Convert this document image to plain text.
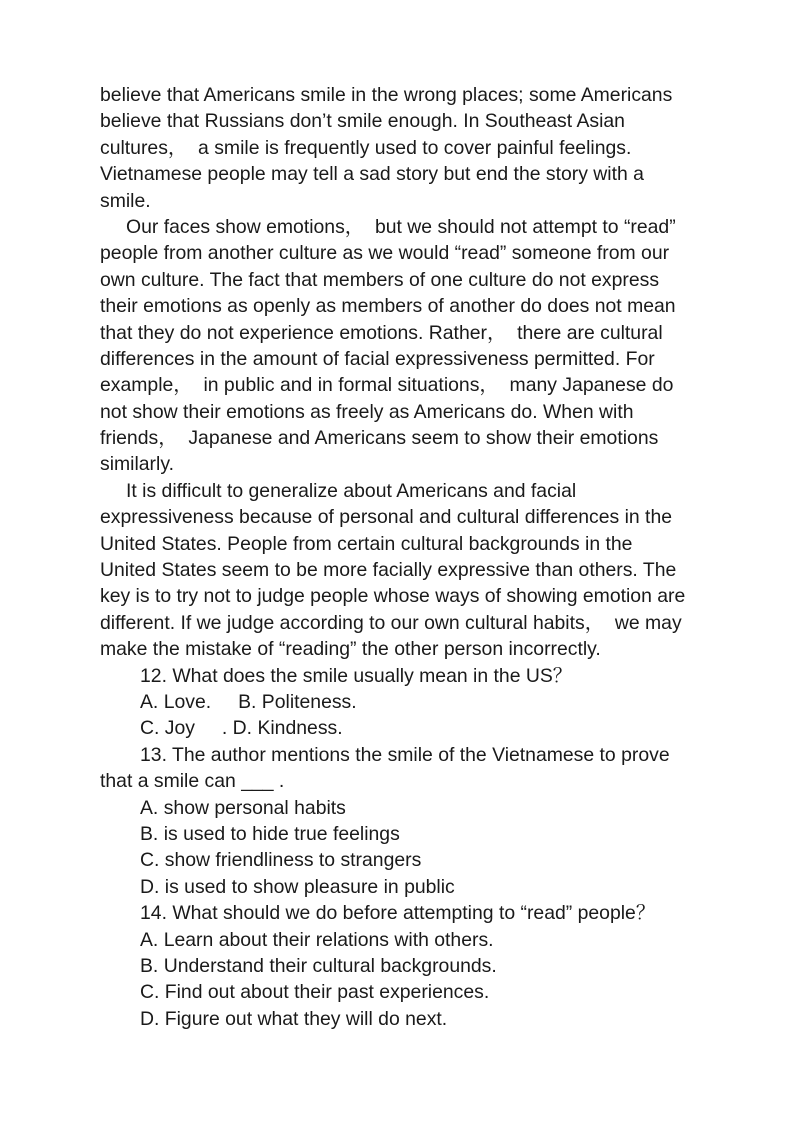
believe that Americans smile in the wrong places; some Americans
believe that Russians don’t smile enough. In Southeast Asian
cultures，  a smile is frequently used to cover painful feelings.
Vietnamese people may tell a sad story but end the story with a
smile.
Our faces show emotions，  but we should not attempt to “read”
people from another culture as we would “read” someone from our
own culture. The fact that members of one culture do not express
their emotions as openly as members of another do does not mean
that they do not experience emotions. Rather，  there are cultural
differences in the amount of facial expressiveness permitted. For
example，  in public and in formal situations，  many Japanese do
not show their emotions as freely as Americans do. When with
friends，  Japanese and Americans seem to show their emotions
similarly.
It is difficult to generalize about Americans and facial
expressiveness because of personal and cultural differences in the
United States. People from certain cultural backgrounds in the
United States seem to be more facially expressive than others. The
key is to try not to judge people whose ways of showing emotion are
different. If we judge according to our own cultural habits，  we may
make the mistake of “reading” the other person incorrectly.
12. What does the smile usually mean in the US？
A. Love.     B. Politeness.
C. Joy     . D. Kindness.
13. The author mentions the smile of the Vietnamese to prove
that a smile can ___ .
A. show personal habits
B. is used to hide true feelings
C. show friendliness to strangers
D. is used to show pleasure in public
14. What should we do before attempting to “read” people？
A. Learn about their relations with others.
B. Understand their cultural backgrounds.
C. Find out about their past experiences.
D. Figure out what they will do next.
